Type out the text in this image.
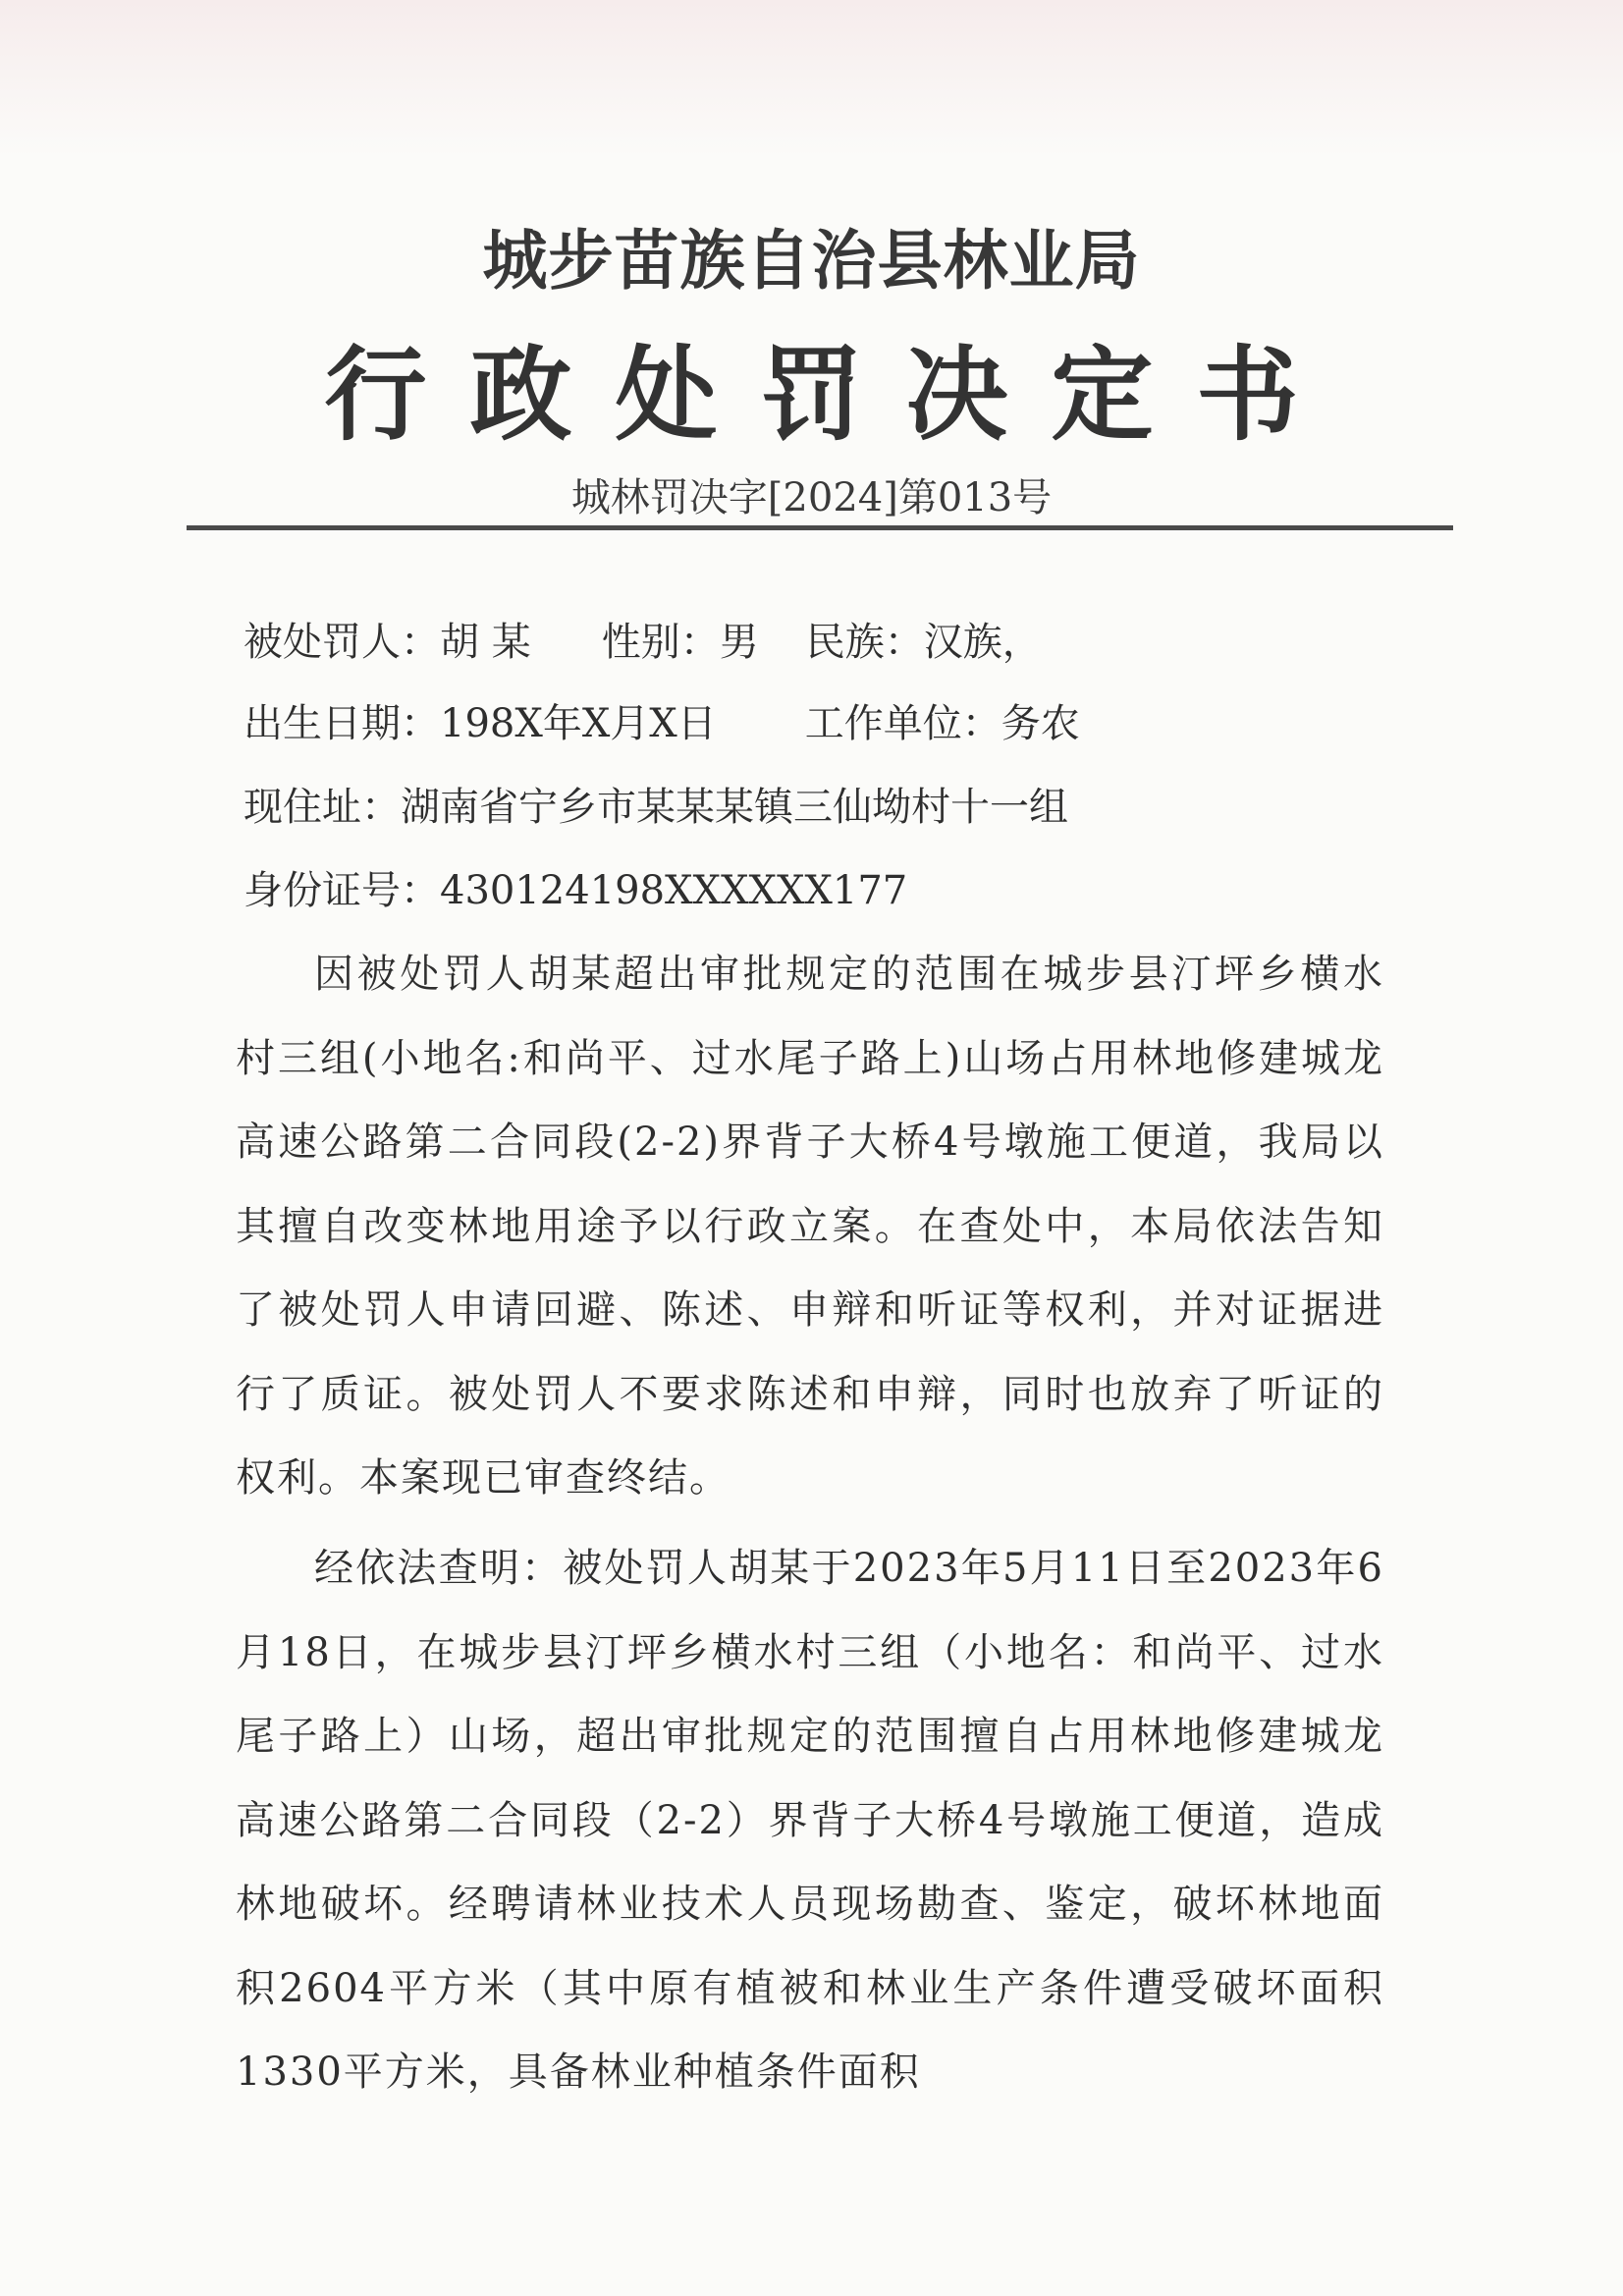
城步苗族自治县林业局
行政处罚决定书
城林罚决字[2024]第013号
被处罚人：胡 某 性别：男 民族：汉族，
出生日期：198X年X月X日 工作单位：务农
现住址：湖南省宁乡市某某某镇三仙坳村十一组
身份证号：430124198XXXXXX177
因被处罚人胡某超出审批规定的范围在城步县汀坪乡横水村三组(小地名:和尚平、过水尾子路上)山场占用林地修建城龙高速公路第二合同段(2-2)界背子大桥4号墩施工便道，我局以其擅自改变林地用途予以行政立案。在查处中，本局依法告知了被处罚人申请回避、陈述、申辩和听证等权利，并对证据进行了质证。被处罚人不要求陈述和申辩，同时也放弃了听证的权利。本案现已审查终结。
经依法查明：被处罚人胡某于2023年5月11日至2023年6月18日，在城步县汀坪乡横水村三组（小地名：和尚平、过水尾子路上）山场，超出审批规定的范围擅自占用林地修建城龙高速公路第二合同段（2-2）界背子大桥4号墩施工便道，造成林地破坏。经聘请林业技术人员现场勘查、鉴定，破坏林地面积2604平方米（其中原有植被和林业生产条件遭受破坏面积1330平方米，具备林业种植条件面积
